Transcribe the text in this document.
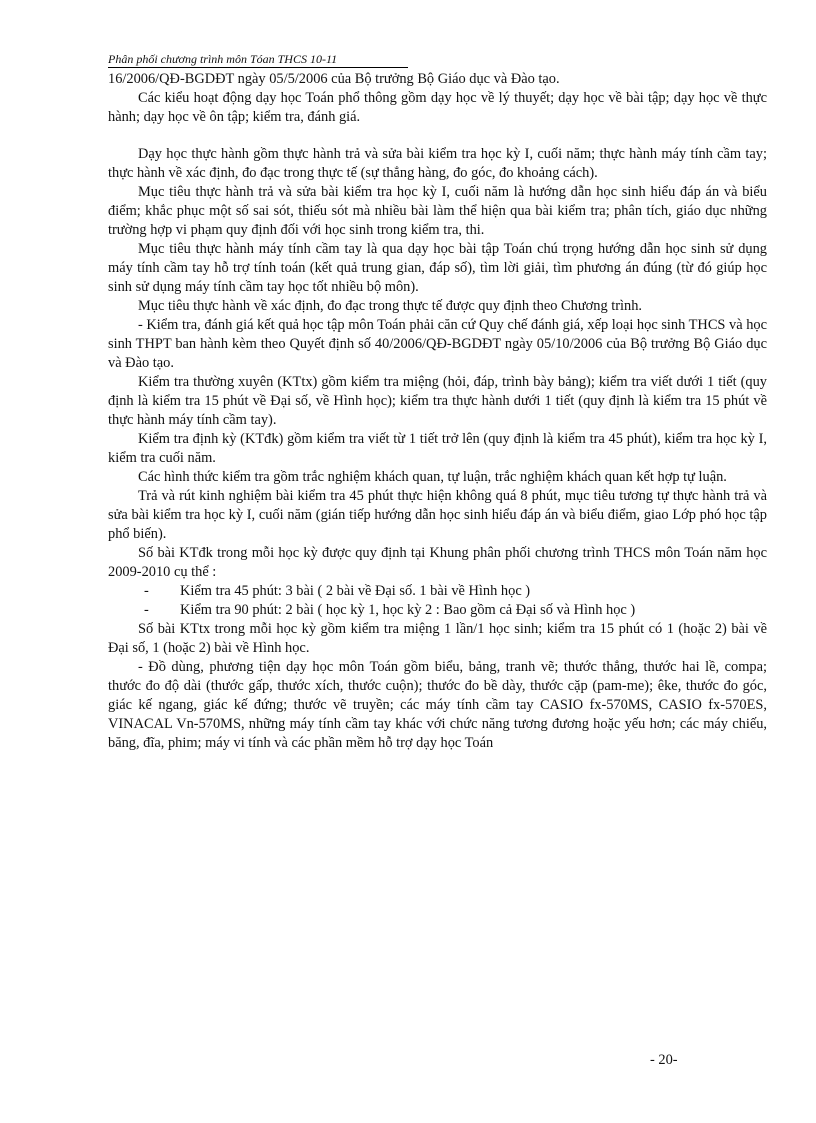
Phân phối chương trình môn Tóan THCS 10-11

16/2006/QĐ-BGDĐT ngày 05/5/2006 của Bộ trưởng Bộ Giáo dục và Đào tạo.

Các kiểu hoạt động dạy học Toán phổ thông gồm dạy học về lý thuyết; dạy học về bài tập; dạy học về thực hành; dạy học về ôn tập; kiểm tra, đánh giá.

Dạy học thực hành gồm thực hành trả và sửa bài kiểm tra học kỳ I, cuối năm; thực hành máy tính cầm tay; thực hành về xác định, đo đạc trong thực tế (sự thẳng hàng, đo góc, đo khoảng cách).

Mục tiêu thực hành trả và sửa bài kiểm tra học kỳ I, cuối năm là hướng dẫn học sinh hiểu đáp án và biểu điểm; khắc phục một số sai sót, thiếu sót mà nhiều bài làm thể hiện qua bài kiểm tra; phân tích, giáo dục những trường hợp vi phạm quy định đối với học sinh trong kiểm tra, thi.

Mục tiêu thực hành máy tính cầm tay là qua dạy học bài tập Toán chú trọng hướng dẫn học sinh sử dụng máy tính cầm tay hỗ trợ tính toán (kết quả trung gian, đáp số), tìm lời giải, tìm phương án đúng (từ đó giúp học sinh sử dụng máy tính cầm tay học tốt nhiều bộ môn).

Mục tiêu thực hành về xác định, đo đạc trong thực tế được quy định theo Chương trình.

- Kiểm tra, đánh giá kết quả học tập môn Toán phải căn cứ Quy chế đánh giá, xếp loại học sinh THCS và học sinh THPT ban hành kèm theo Quyết định số 40/2006/QĐ-BGDĐT ngày 05/10/2006 của Bộ trưởng Bộ Giáo dục và Đào tạo.

Kiểm tra thường xuyên (KTtx) gồm kiểm tra miệng (hỏi, đáp, trình bày bảng); kiểm tra viết dưới 1 tiết (quy định là kiểm tra 15 phút về Đại số, về Hình học); kiểm tra thực hành dưới 1 tiết (quy định là kiểm tra 15 phút về thực hành máy tính cầm tay).

Kiểm tra định kỳ (KTđk) gồm kiểm tra viết từ 1 tiết trở lên (quy định là kiểm tra 45 phút), kiểm tra học kỳ I, kiểm tra cuối năm.

Các hình thức kiểm tra gồm trắc nghiệm khách quan, tự luận, trắc nghiệm khách quan kết hợp tự luận.

Trả và rút kinh nghiệm bài kiểm tra 45 phút thực hiện không quá 8 phút, mục tiêu tương tự thực hành trả và sửa bài kiểm tra học kỳ I, cuối năm (gián tiếp hướng dẫn học sinh hiểu đáp án và biểu điểm, giao Lớp phó học tập phổ biến).

Số bài KTđk trong mỗi học kỳ được quy định tại Khung phân phối chương trình THCS môn Toán năm học 2009-2010 cụ thể :

-	Kiểm tra 45 phút: 3 bài ( 2 bài về Đại số. 1 bài về Hình học )
-	Kiểm tra 90 phút: 2 bài ( học kỳ 1, học kỳ 2 : Bao gồm cả Đại số và Hình học )

Số bài KTtx trong mỗi học kỳ gồm kiểm tra miệng 1 lần/1 học sinh; kiểm tra 15 phút có 1 (hoặc 2) bài về Đại số, 1 (hoặc 2) bài về Hình học.

- Đồ dùng, phương tiện dạy học môn Toán gồm biểu, bảng, tranh vẽ; thước thẳng, thước hai lề, compa; thước đo độ dài (thước gấp, thước xích, thước cuộn); thước đo bề dày, thước cặp (pam-me); êke, thước đo góc, giác kế ngang, giác kế đứng; thước vẽ truyền; các máy tính cầm tay CASIO fx-570MS, CASIO fx-570ES, VINACAL Vn-570MS, những máy tính cầm tay khác với chức năng tương đương hoặc yếu hơn; các máy chiếu, băng, đĩa, phim; máy vi tính và các phần mềm hỗ trợ dạy học Toán

- 20-
